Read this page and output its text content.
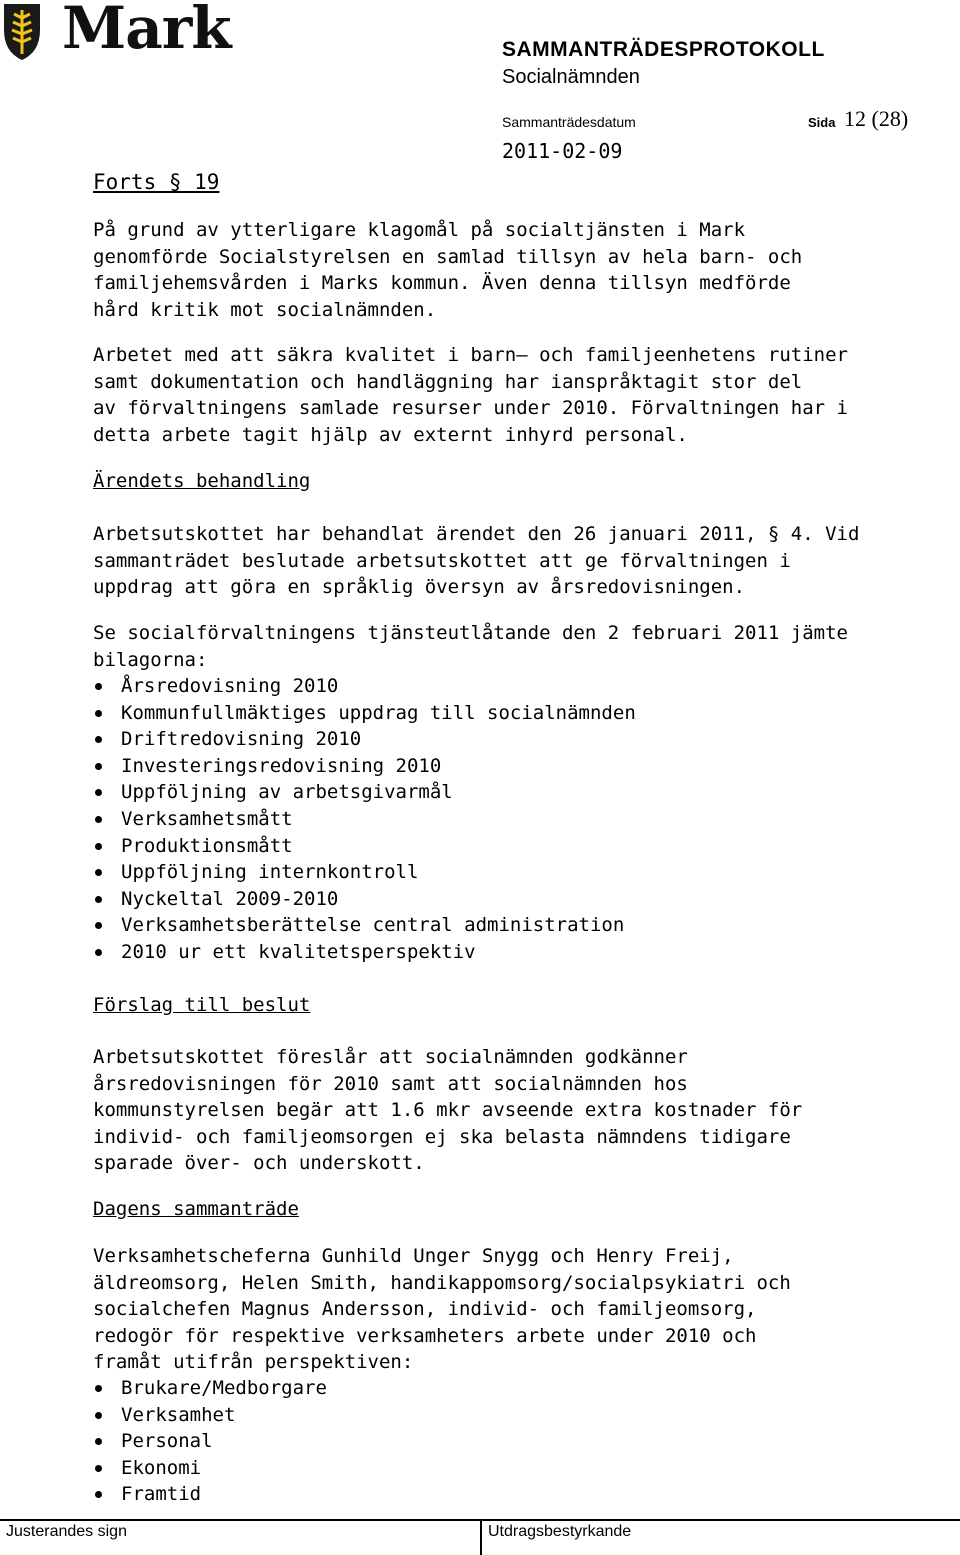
Mark	SAMMANTRÄDESPROTOKOLL
Socialnämnden
Sammanträdesdatum	Sida 12 (28)
2011-02-09
Forts § 19
På grund av ytterligare klagomål på socialtjänsten i Mark
genomförde Socialstyrelsen en samlad tillsyn av hela barn- och
familjehemsvården i Marks kommun. Även denna tillsyn medförde
hård kritik mot socialnämnden.
Arbetet med att säkra kvalitet i barn– och familjeenhetens rutiner
samt dokumentation och handläggning har ianspråktagit stor del
av förvaltningens samlade resurser under 2010. Förvaltningen har i
detta arbete tagit hjälp av externt inhyrd personal.
Ärendets behandling
Arbetsutskottet har behandlat ärendet den 26 januari 2011, § 4. Vid
sammanträdet beslutade arbetsutskottet att ge förvaltningen i
uppdrag att göra en språklig översyn av årsredovisningen.
Se socialförvaltningens tjänsteutlåtande den 2 februari 2011 jämte
bilagorna:
Årsredovisning 2010
Kommunfullmäktiges uppdrag till socialnämnden
Driftredovisning 2010
Investeringsredovisning 2010
Uppföljning av arbetsgivarmål
Verksamhetsmått
Produktionsmått
Uppföljning internkontroll
Nyckeltal 2009-2010
Verksamhetsberättelse central administration
2010 ur ett kvalitetsperspektiv
Förslag till beslut
Arbetsutskottet föreslår att socialnämnden godkänner
årsredovisningen för 2010 samt att socialnämnden hos
kommunstyrelsen begär att 1.6 mkr avseende extra kostnader för
individ- och familjeomsorgen ej ska belasta nämndens tidigare
sparade över- och underskott.
Dagens sammanträde
Verksamhetscheferna Gunhild Unger Snygg och Henry Freij,
äldreomsorg, Helen Smith, handikappomsorg/socialpsykiatri och
socialchefen Magnus Andersson, individ- och familjeomsorg,
redogör för respektive verksamheters arbete under 2010 och
framåt utifrån perspektiven:
Brukare/Medborgare
Verksamhet
Personal
Ekonomi
Framtid
Justerandes sign	Utdragsbestyrkande
